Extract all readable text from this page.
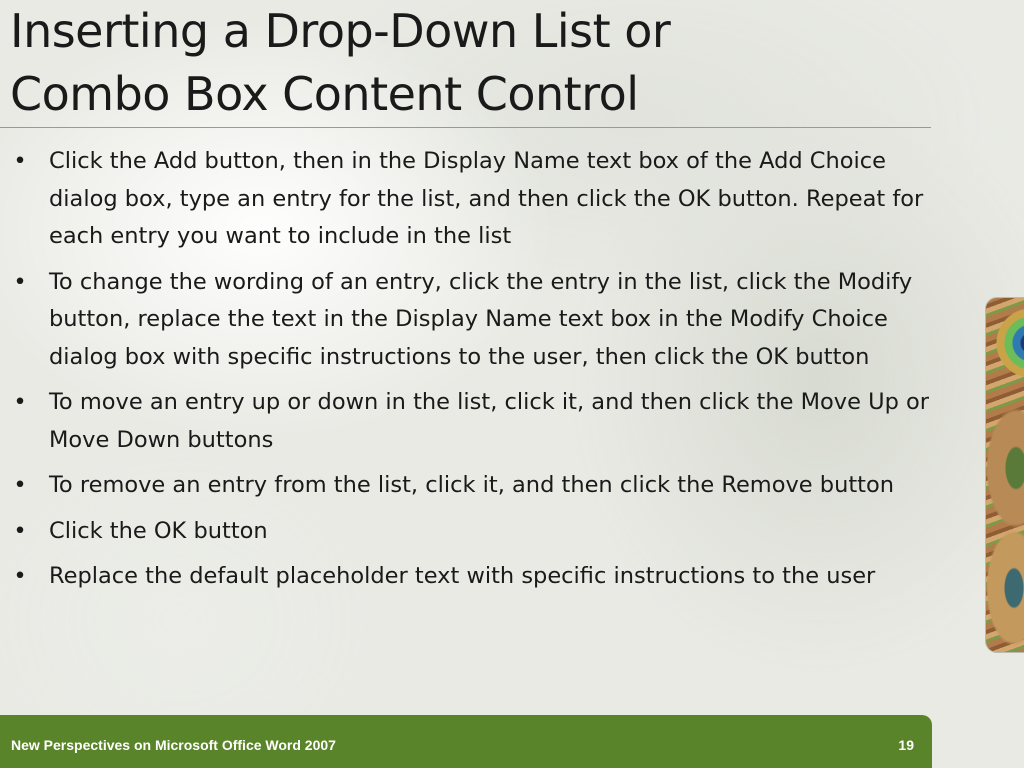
Inserting a Drop-Down List or
Combo Box Content Control
• Click the Add button, then in the Display Name text box of the Add Choice dialog box, type an entry for the list, and then click the OK button. Repeat for each entry you want to include in the list
• To change the wording of an entry, click the entry in the list, click the Modify button, replace the text in the Display Name text box in the Modify Choice dialog box with specific instructions to the user, then click the OK button
• To move an entry up or down in the list, click it, and then click the Move Up or Move Down buttons
• To remove an entry from the list, click it, and then click the Remove button
• Click the OK button
• Replace the default placeholder text with specific instructions to the user
New Perspectives on Microsoft Office Word 2007	19
